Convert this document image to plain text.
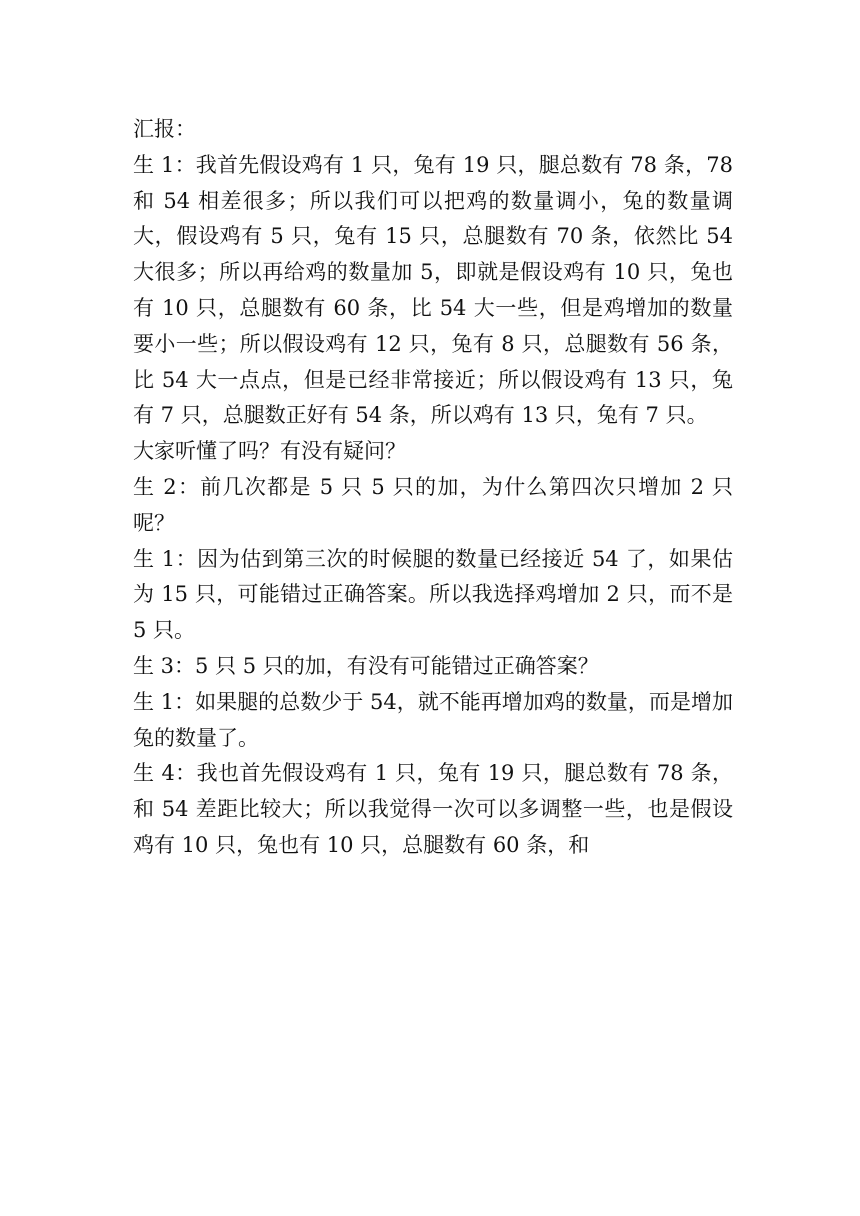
汇报：

生 1：我首先假设鸡有 1 只，兔有 19 只，腿总数有 78 条，78 和 54 相差很多；所以我们可以把鸡的数量调小，兔的数量调大，假设鸡有 5 只，兔有 15 只，总腿数有 70 条，依然比 54 大很多；所以再给鸡的数量加 5，即就是假设鸡有 10 只，兔也有 10 只，总腿数有 60 条，比 54 大一些，但是鸡增加的数量要小一些；所以假设鸡有 12 只，兔有 8 只，总腿数有 56 条，比 54 大一点点，但是已经非常接近；所以假设鸡有 13 只，兔有 7 只，总腿数正好有 54 条，所以鸡有 13 只，兔有 7 只。

大家听懂了吗？有没有疑问？

生 2：前几次都是 5 只 5 只的加，为什么第四次只增加 2 只呢？

生 1：因为估到第三次的时候腿的数量已经接近 54 了，如果估为 15 只，可能错过正确答案。所以我选择鸡增加 2 只，而不是 5 只。

生 3：5 只 5 只的加，有没有可能错过正确答案？

生 1：如果腿的总数少于 54，就不能再增加鸡的数量，而是增加兔的数量了。

生 4：我也首先假设鸡有 1 只，兔有 19 只，腿总数有 78 条，和 54 差距比较大；所以我觉得一次可以多调整一些，也是假设鸡有 10 只，兔也有 10 只，总腿数有 60 条，和
